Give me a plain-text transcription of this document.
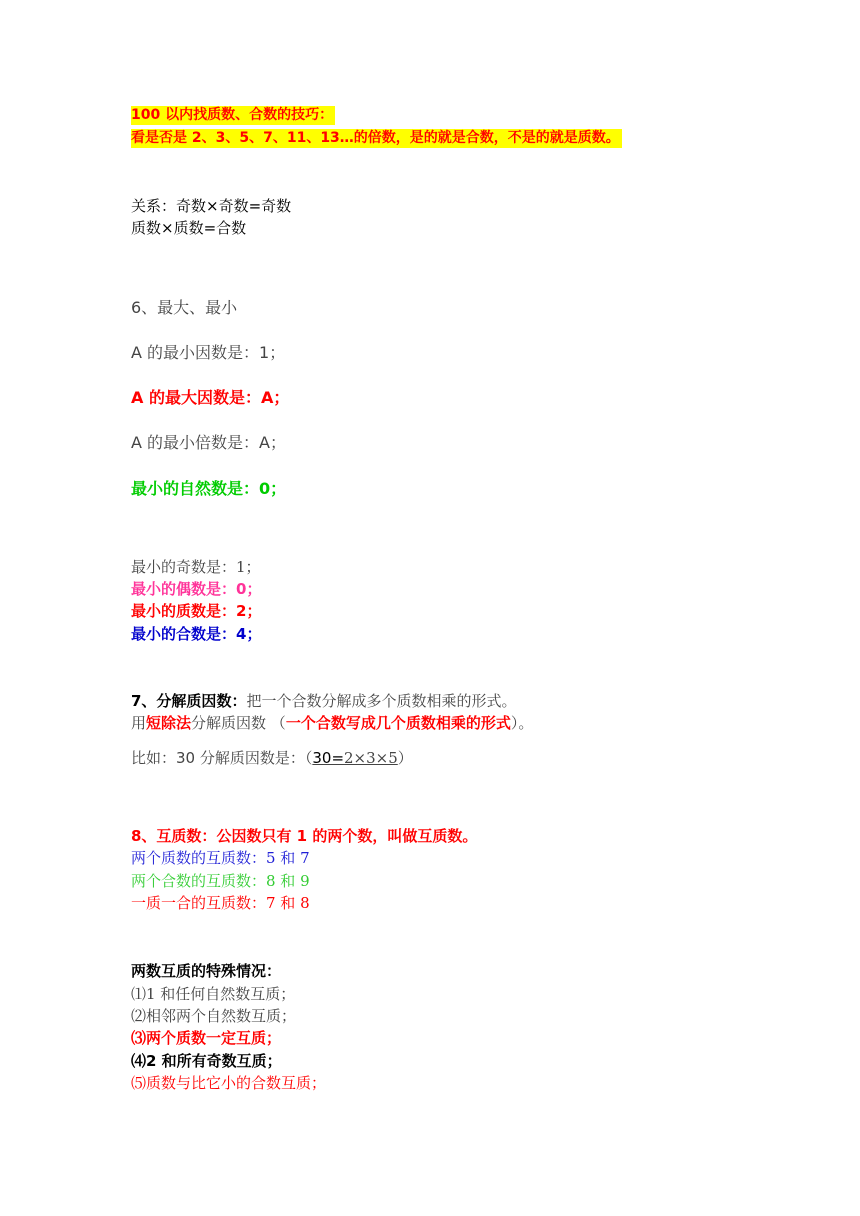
100 以内找质数、合数的技巧：
看是否是 2、3、5、7、11、13…的倍数，是的就是合数，不是的就是质数。
关系：奇数×奇数=奇数
质数×质数=合数
6、最大、最小
A 的最小因数是：1；
A 的最大因数是：A；
A 的最小倍数是：A；
最小的自然数是：0；
最小的奇数是：1；
最小的偶数是：0；
最小的质数是：2；
最小的合数是：4；
7、分解质因数：把一个合数分解成多个质数相乘的形式。
用短除法分解质因数 （一个合数写成几个质数相乘的形式）。
比如：30 分解质因数是：（30=2×3×5）
8、互质数：公因数只有 1 的两个数，叫做互质数。
两个质数的互质数：5 和 7
两个合数的互质数：8 和 9
一质一合的互质数：7 和 8
两数互质的特殊情况：
⑴1 和任何自然数互质；
⑵相邻两个自然数互质；
⑶两个质数一定互质；
⑷2 和所有奇数互质；
⑸质数与比它小的合数互质；
